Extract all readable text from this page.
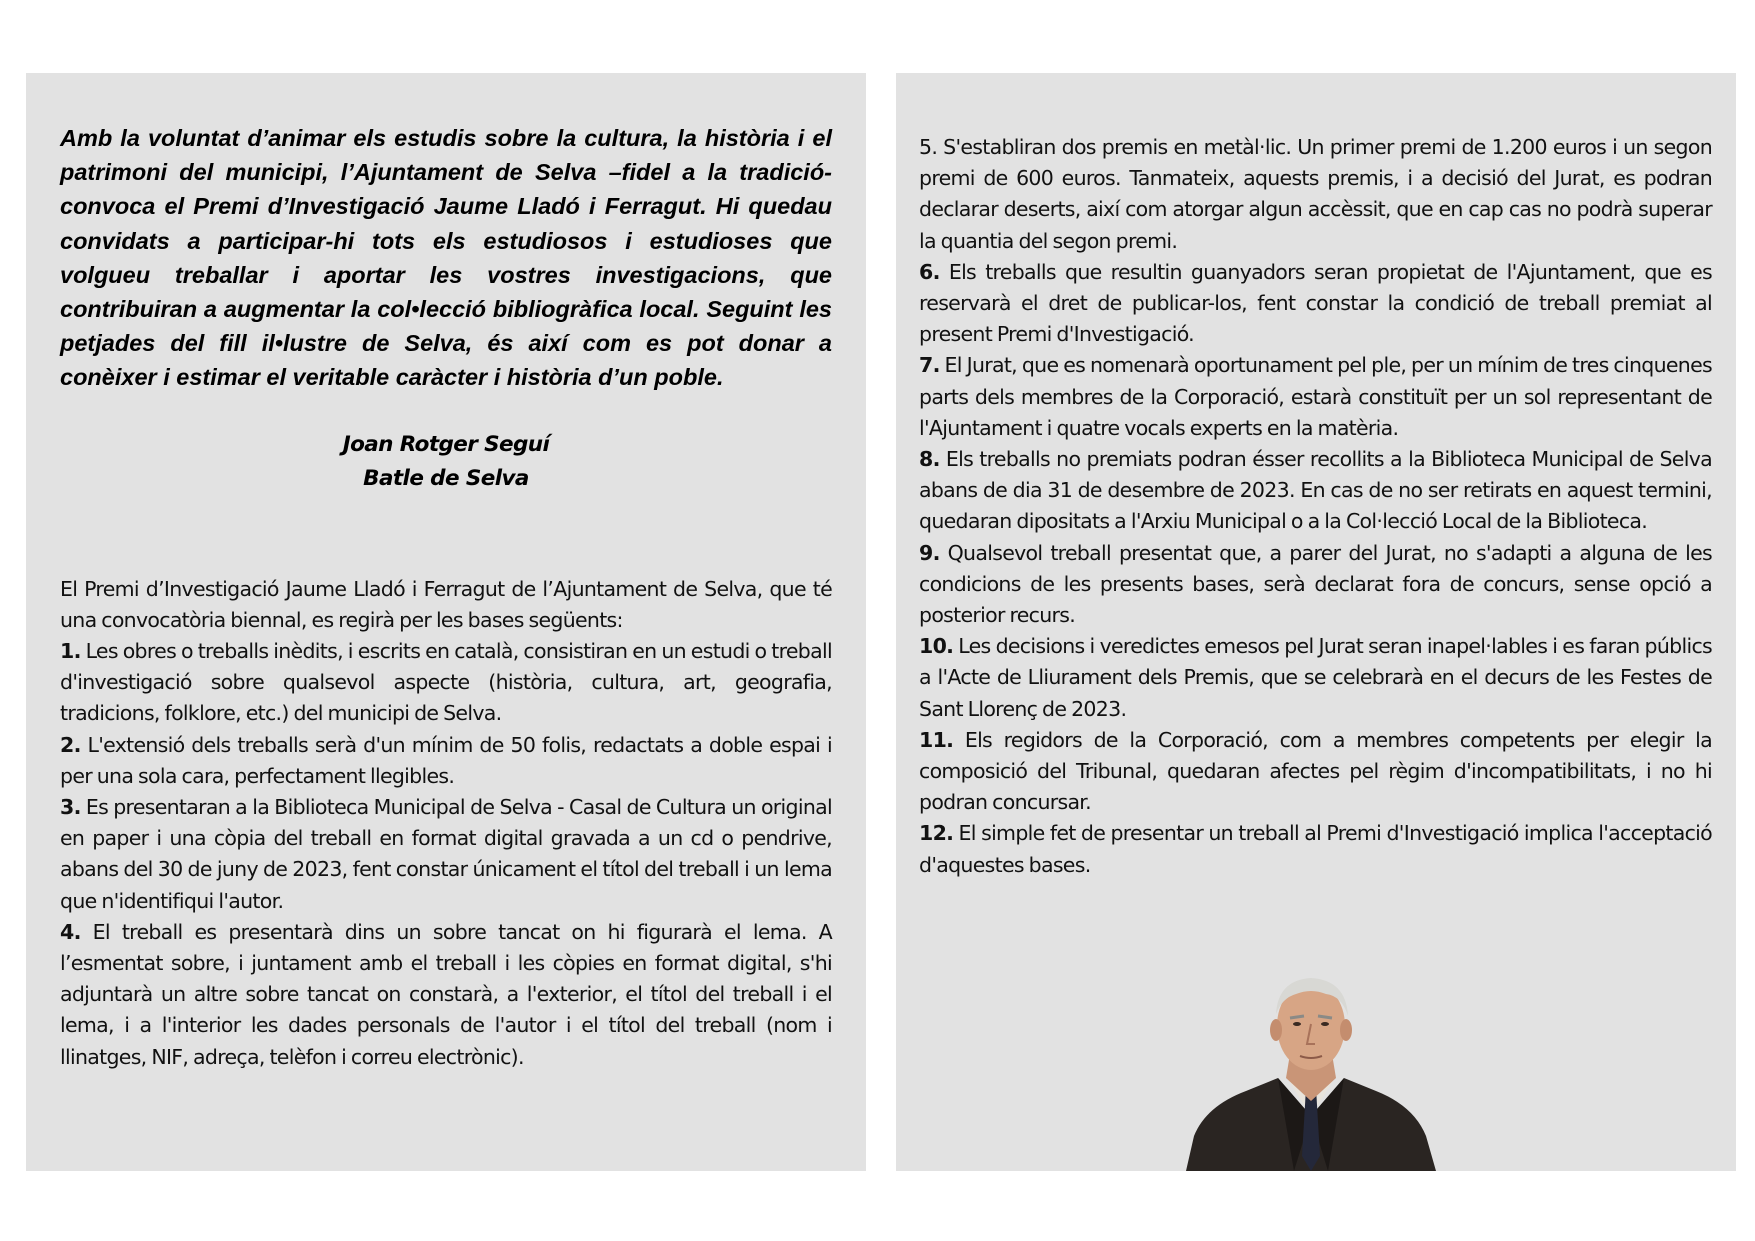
Amb la voluntat d’animar els estudis sobre la cultura, la història i el patrimoni del municipi, l’Ajuntament de Selva –fidel a la tradició- convoca el Premi d’Investigació Jaume Lladó i Ferragut. Hi quedau convidats a participar-hi tots els estudiosos i estudioses que volgueu treballar i aportar les vostres investigacions, que contribuiran a augmentar la col•lecció bibliogràfica local. Seguint les petjades del fill il•lustre de Selva, és així com es pot donar a conèixer i estimar el veritable caràcter i història d’un poble.

Joan Rotger Seguí
Batle de Selva

El Premi d’Investigació Jaume Lladó i Ferragut de l’Ajuntament de Selva, que té una convocatòria biennal, es regirà per les bases següents:

1. Les obres o treballs inèdits, i escrits en català, consistiran en un estudi o treball d'investigació sobre qualsevol aspecte (història, cultura, art, geografia, tradicions, folklore, etc.) del municipi de Selva.

2. L'extensió dels treballs serà d'un mínim de 50 folis, redactats a doble espai i per una sola cara, perfectament llegibles.

3. Es presentaran a la Biblioteca Municipal de Selva - Casal de Cultura un original en paper i una còpia del treball en format digital gravada a un cd o pendrive, abans del 30 de juny de 2023, fent constar únicament el títol del treball i un lema que n'identifiqui l'autor.

4. El treball es presentarà dins un sobre tancat on hi figurarà el lema. A l’esmentat sobre, i juntament amb el treball i les còpies en format digital, s'hi adjuntarà un altre sobre tancat on constarà, a l'exterior, el títol del treball i el lema, i a l'interior les dades personals de l'autor i el títol del treball (nom i llinatges, NIF, adreça, telèfon i correu electrònic).

5. S'establiran dos premis en metàl·lic. Un primer premi de 1.200 euros i un segon premi de 600 euros. Tanmateix, aquests premis, i a decisió del Jurat, es podran declarar deserts, així com atorgar algun accèssit, que en cap cas no podrà superar la quantia del segon premi.

6. Els treballs que resultin guanyadors seran propietat de l'Ajuntament, que es reservarà el dret de publicar-los, fent constar la condició de treball premiat al present Premi d'Investigació.

7. El Jurat, que es nomenarà oportunament pel ple, per un mínim de tres cinquenes parts dels membres de la Corporació, estarà constituït per un sol representant de l'Ajuntament i quatre vocals experts en la matèria.

8. Els treballs no premiats podran ésser recollits a la Biblioteca Municipal de Selva abans de dia 31 de desembre de 2023. En cas de no ser retirats en aquest termini, quedaran dipositats a l'Arxiu Municipal o a la Col·lecció Local de la Biblioteca.

9. Qualsevol treball presentat que, a parer del Jurat, no s'adapti a alguna de les condicions de les presents bases, serà declarat fora de concurs, sense opció a posterior recurs.

10. Les decisions i veredictes emesos pel Jurat seran inapel·lables i es faran públics a l'Acte de Lliurament dels Premis, que se celebrarà en el decurs de les Festes de Sant Llorenç de 2023.

11. Els regidors de la Corporació, com a membres competents per elegir la composició del Tribunal, quedaran afectes pel règim d'incompatibilitats, i no hi podran concursar.

12. El simple fet de presentar un treball al Premi d'Investigació implica l'acceptació d'aquestes bases.
